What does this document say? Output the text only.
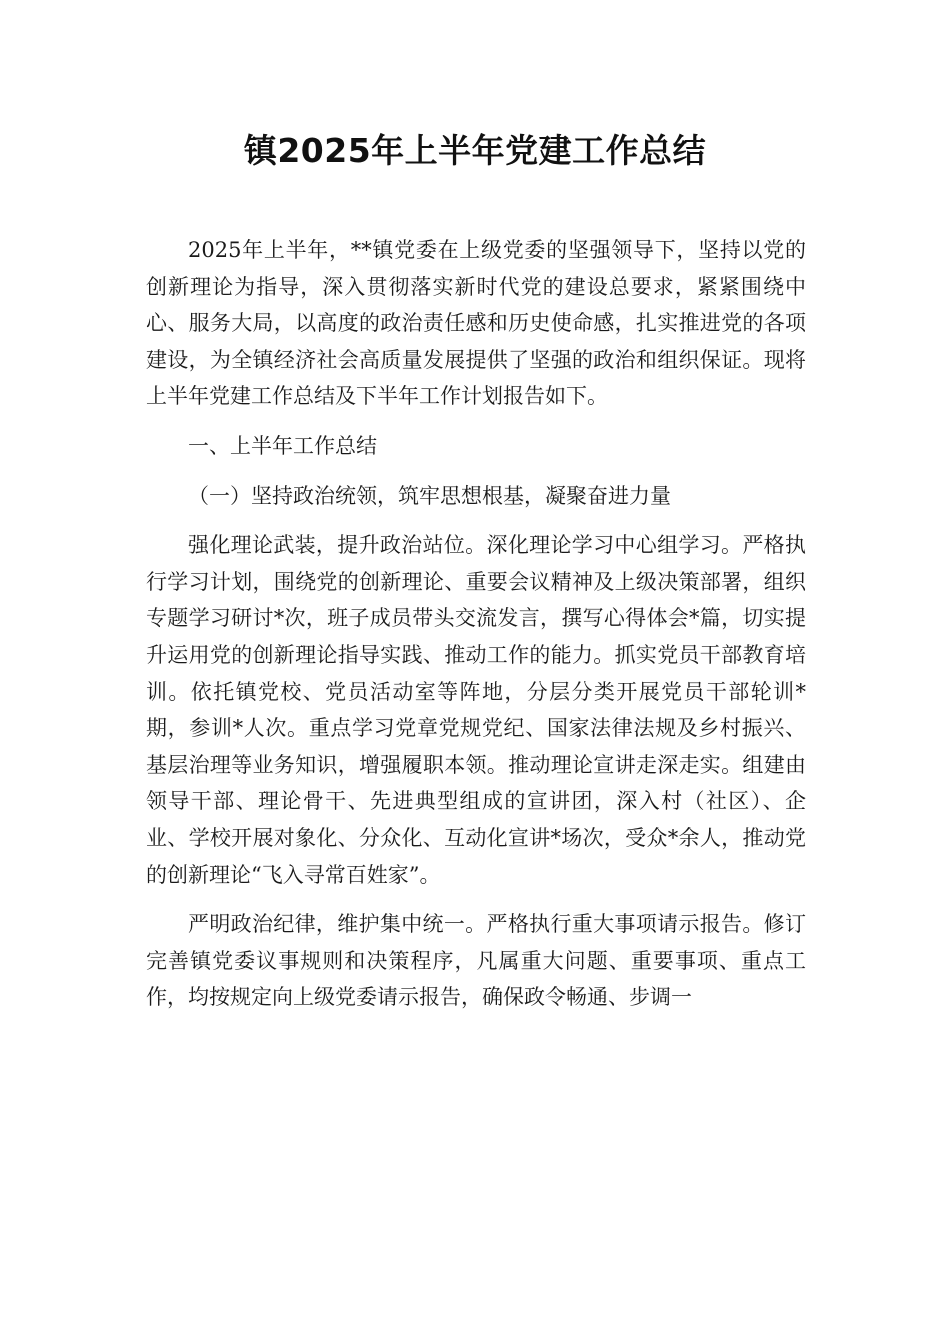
镇2025年上半年党建工作总结

2025年上半年，**镇党委在上级党委的坚强领导下，坚持以党的创新理论为指导，深入贯彻落实新时代党的建设总要求，紧紧围绕中心、服务大局，以高度的政治责任感和历史使命感，扎实推进党的各项建设，为全镇经济社会高质量发展提供了坚强的政治和组织保证。现将上半年党建工作总结及下半年工作计划报告如下。

一、上半年工作总结

（一）坚持政治统领，筑牢思想根基，凝聚奋进力量

强化理论武装，提升政治站位。深化理论学习中心组学习。严格执行学习计划，围绕党的创新理论、重要会议精神及上级决策部署，组织专题学习研讨*次，班子成员带头交流发言，撰写心得体会*篇，切实提升运用党的创新理论指导实践、推动工作的能力。抓实党员干部教育培训。依托镇党校、党员活动室等阵地，分层分类开展党员干部轮训*期，参训*人次。重点学习党章党规党纪、国家法律法规及乡村振兴、基层治理等业务知识，增强履职本领。推动理论宣讲走深走实。组建由领导干部、理论骨干、先进典型组成的宣讲团，深入村（社区）、企业、学校开展对象化、分众化、互动化宣讲*场次，受众*余人，推动党的创新理论“飞入寻常百姓家”。

严明政治纪律，维护集中统一。严格执行重大事项请示报告。修订完善镇党委议事规则和决策程序，凡属重大问题、重要事项、重点工作，均按规定向上级党委请示报告，确保政令畅通、步调一
